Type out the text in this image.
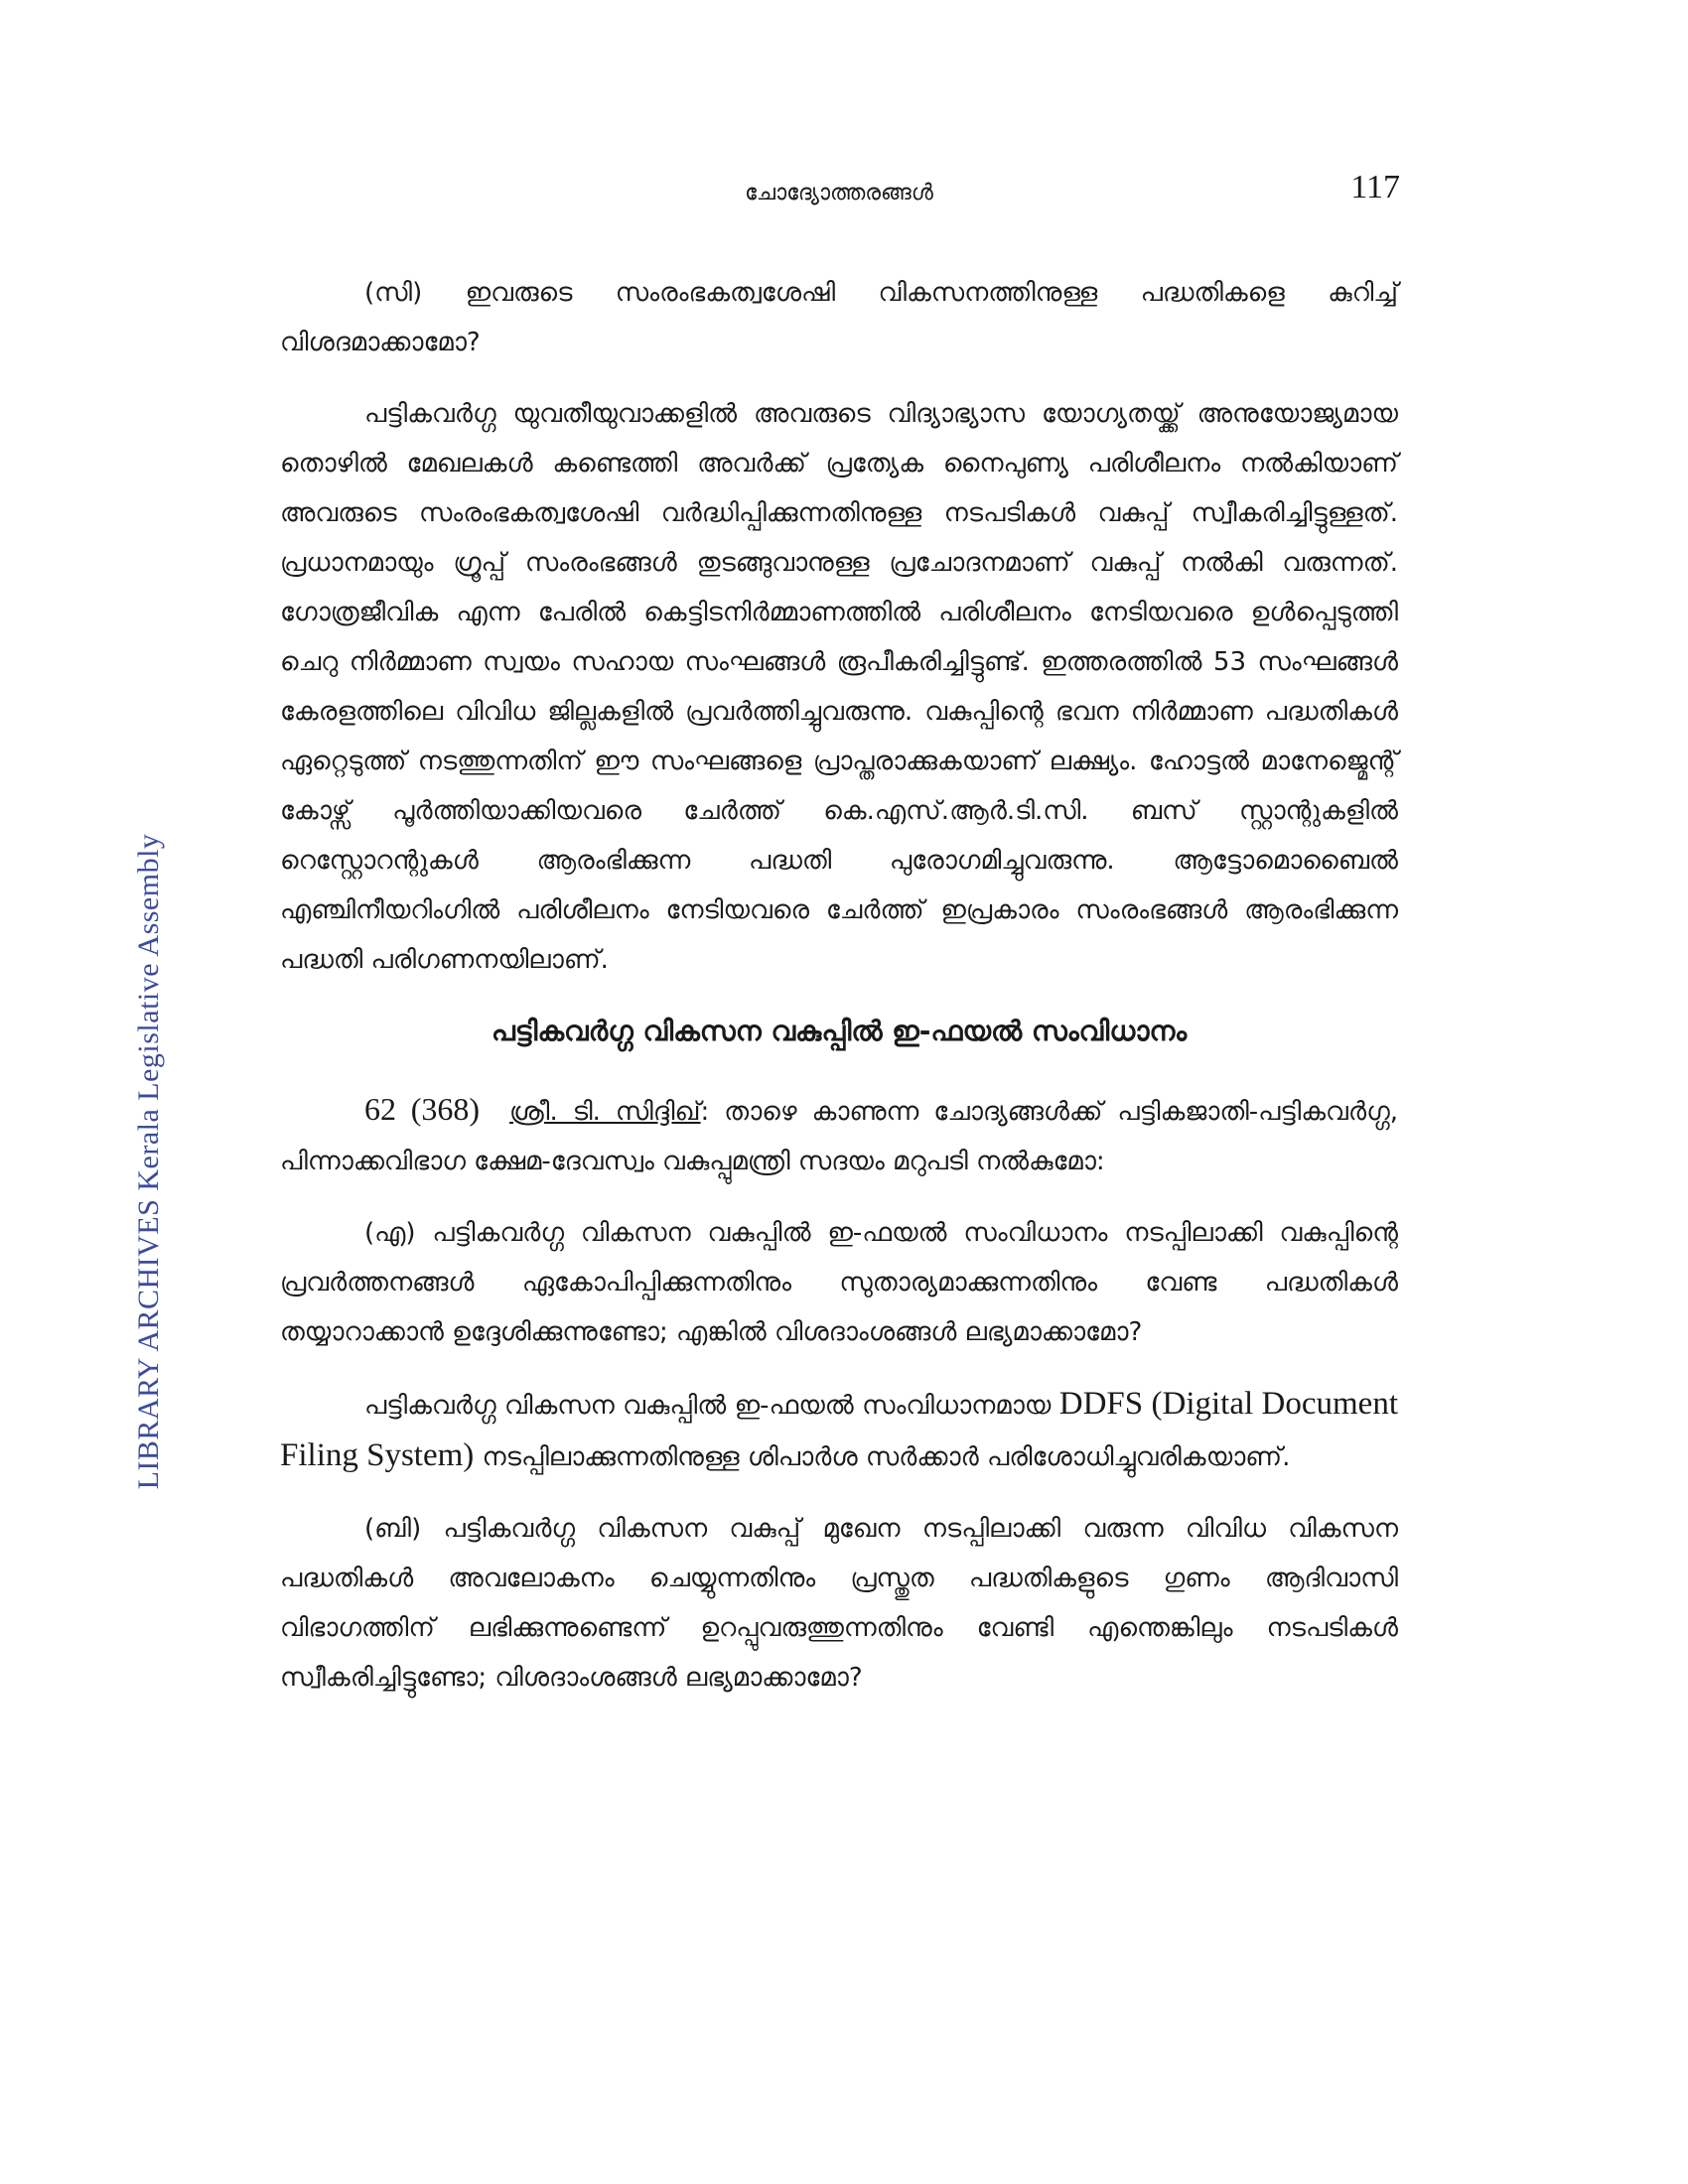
ചോദ്യോത്തരങ്ങൾ	117
LIBRARY ARCHIVES Kerala Legislative Assembly

(സി) ഇവരുടെ സംരംഭകത്വശേഷി വികസനത്തിനുള്ള പദ്ധതികളെ കുറിച്ച് വിശദമാക്കാമോ?

പട്ടികവർഗ്ഗ യുവതീയുവാക്കളിൽ അവരുടെ വിദ്യാഭ്യാസ യോഗ്യതയ്ക്ക് അനുയോജ്യമായ തൊഴിൽ മേഖലകൾ കണ്ടെത്തി അവർക്ക് പ്രത്യേക നൈപുണ്യ പരിശീലനം നൽകിയാണ് അവരുടെ സംരംഭകത്വശേഷി വർദ്ധിപ്പിക്കുന്നതിനുള്ള നടപടികൾ വകുപ്പ് സ്വീകരിച്ചിട്ടുള്ളത്. പ്രധാനമായും ഗ്രൂപ്പ് സംരംഭങ്ങൾ തുടങ്ങുവാനുള്ള പ്രചോദനമാണ് വകുപ്പ് നൽകി വരുന്നത്. ഗോത്രജീവിക എന്ന പേരിൽ കെട്ടിടനിർമ്മാണത്തിൽ പരിശീലനം നേടിയവരെ ഉൾപ്പെടുത്തി ചെറു നിർമ്മാണ സ്വയം സഹായ സംഘങ്ങൾ രൂപീകരിച്ചിട്ടുണ്ട്. ഇത്തരത്തിൽ 53 സംഘങ്ങൾ കേരളത്തിലെ വിവിധ ജില്ലകളിൽ പ്രവർത്തിച്ചുവരുന്നു. വകുപ്പിന്റെ ഭവന നിർമ്മാണ പദ്ധതികൾ ഏറ്റെടുത്ത് നടത്തുന്നതിന് ഈ സംഘങ്ങളെ പ്രാപ്തരാക്കുകയാണ് ലക്ഷ്യം. ഹോട്ടൽ മാനേജ്മെന്റ് കോഴ്സ് പൂർത്തിയാക്കിയവരെ ചേർത്ത് കെ.എസ്.ആർ.ടി.സി. ബസ് സ്റ്റാന്റുകളിൽ റെസ്റ്റോറന്റുകൾ ആരംഭിക്കുന്ന പദ്ധതി പുരോഗമിച്ചുവരുന്നു. ആട്ടോമൊബൈൽ എഞ്ചിനീയറിംഗിൽ പരിശീലനം നേടിയവരെ ചേർത്ത് ഇപ്രകാരം സംരംഭങ്ങൾ ആരംഭിക്കുന്ന പദ്ധതി പരിഗണനയിലാണ്.

പട്ടികവർഗ്ഗ വികസന വകുപ്പിൽ ഇ-ഫയൽ സംവിധാനം

62 (368) ശ്രീ. ടി. സിദ്ദിഖ്: താഴെ കാണുന്ന ചോദ്യങ്ങൾക്ക് പട്ടികജാതി-പട്ടികവർഗ്ഗ, പിന്നാക്കവിഭാഗ ക്ഷേമ-ദേവസ്വം വകുപ്പുമന്ത്രി സദയം മറുപടി നൽകുമോ:

(എ) പട്ടികവർഗ്ഗ വികസന വകുപ്പിൽ ഇ-ഫയൽ സംവിധാനം നടപ്പിലാക്കി വകുപ്പിന്റെ പ്രവർത്തനങ്ങൾ ഏകോപിപ്പിക്കുന്നതിനും സുതാര്യമാക്കുന്നതിനും വേണ്ട പദ്ധതികൾ തയ്യാറാക്കാൻ ഉദ്ദേശിക്കുന്നുണ്ടോ; എങ്കിൽ വിശദാംശങ്ങൾ ലഭ്യമാക്കാമോ?

പട്ടികവർഗ്ഗ വികസന വകുപ്പിൽ ഇ-ഫയൽ സംവിധാനമായ DDFS (Digital Document Filing System) നടപ്പിലാക്കുന്നതിനുള്ള ശിപാർശ സർക്കാർ പരിശോധിച്ചുവരികയാണ്.

(ബി) പട്ടികവർഗ്ഗ വികസന വകുപ്പ് മുഖേന നടപ്പിലാക്കി വരുന്ന വിവിധ വികസന പദ്ധതികൾ അവലോകനം ചെയ്യുന്നതിനും പ്രസ്തുത പദ്ധതികളുടെ ഗുണം ആദിവാസി വിഭാഗത്തിന് ലഭിക്കുന്നുണ്ടെന്ന് ഉറപ്പുവരുത്തുന്നതിനും വേണ്ടി എന്തെങ്കിലും നടപടികൾ സ്വീകരിച്ചിട്ടുണ്ടോ; വിശദാംശങ്ങൾ ലഭ്യമാക്കാമോ?
